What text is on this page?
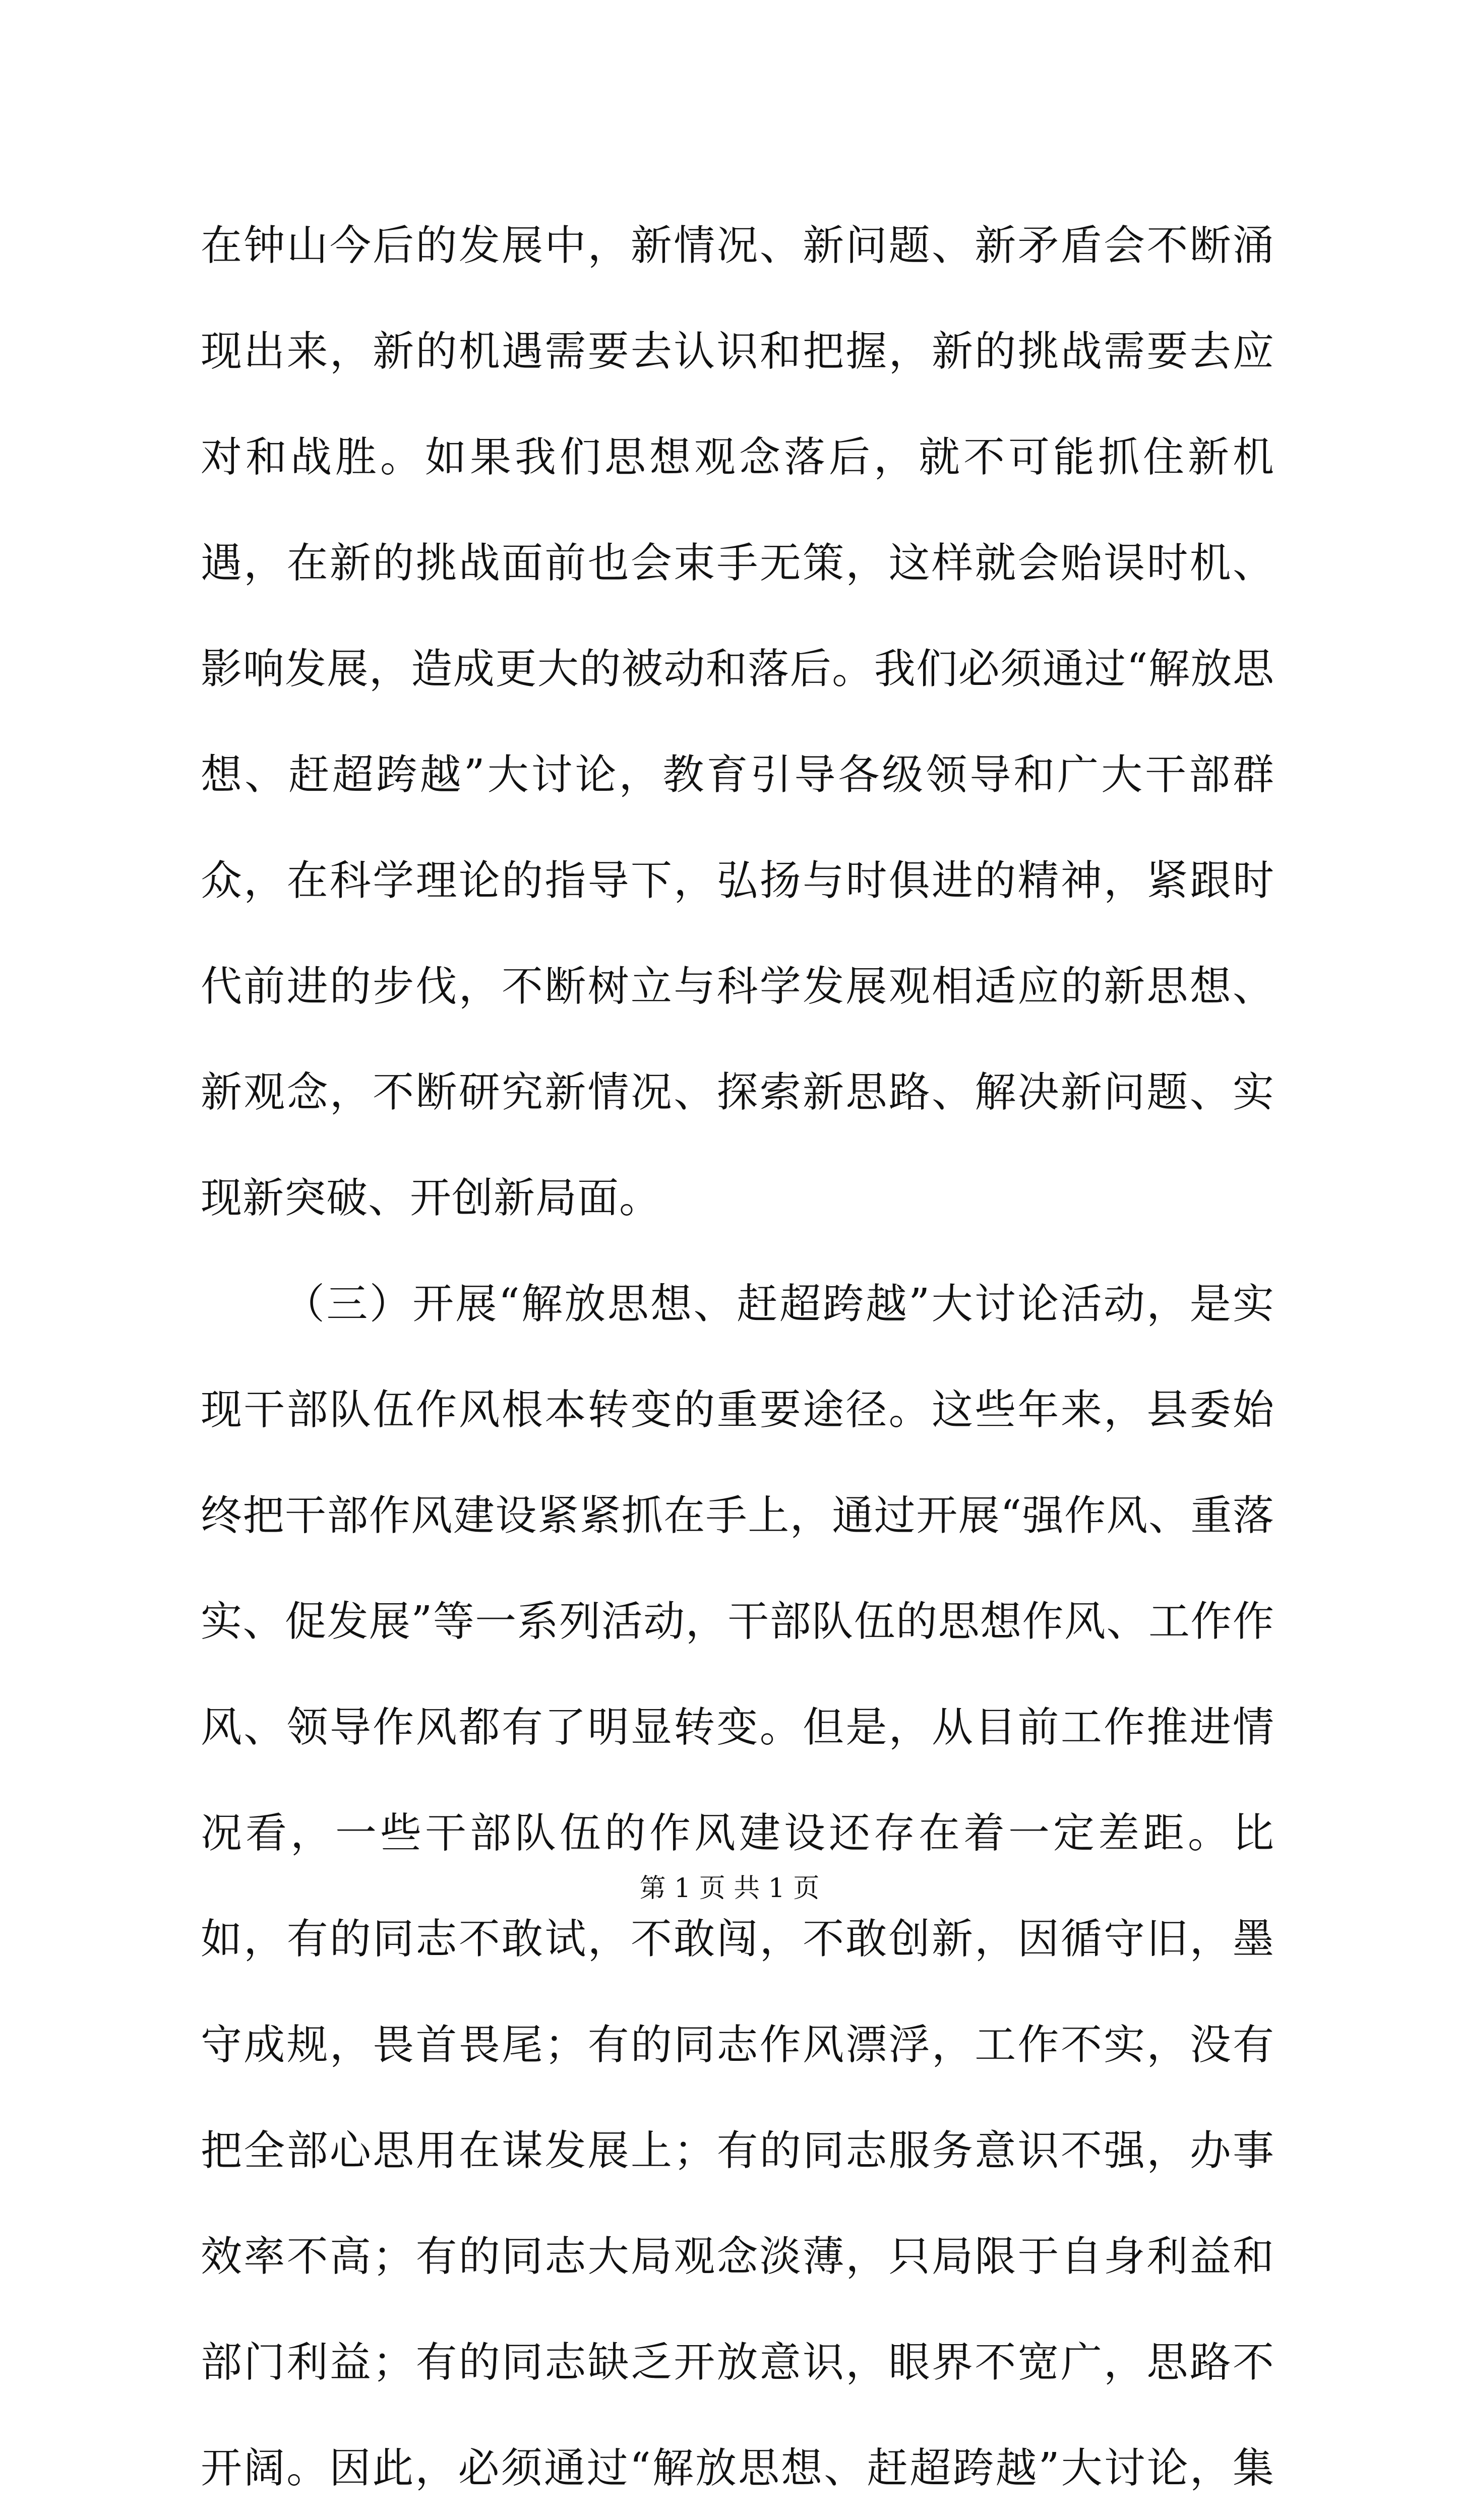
在钟山今后的发展中，新情况、新问题、新矛盾会不断涌现出来，新的机遇需要去认识和把握，新的挑战需要去应对和战胜。如果我们思想观念落后，就不可能抓住新机遇，在新的挑战面前也会束手无策，这样就会贻误时机、影响发展，造成更大的被动和落后。我们必须通过“解放思想、赶超跨越”大讨论，教育引导各级领导和广大干部群众，在科学理论的指导下，弘扬与时俱进的精神，紧跟时代前进的步伐，不断树立与科学发展观相适应的新思想、新观念，不断研究新情况、探索新思路、解决新问题、实现新突破、开创新局面。

（三）开展“解放思想、赶超跨越”大讨论活动，是实现干部队伍作风根本转变的重要途径。这些年来，县委始终把干部作风建设紧紧抓在手上，通过开展“强作风、重落实、促发展”等一系列活动，干部队伍的思想作风、工作作风、领导作风都有了明显转变。但是，从目前工作推进情况看，一些干部队伍的作风建设还存在着一定差距。比如，有的同志不敢试，不敢闯，不敢创新，因循守旧，墨守成规，畏首畏尾；有的同志作风漂浮，工作不实，没有把全部心思用在谋发展上；有的同志服务意识不强，办事效率不高；有的同志大局观念淡薄，只局限于自身利益和部门利益；有的同志缺乏开放意识，眼界不宽广，思路不开阔。因此，必须通过“解放思想、赶超跨越”大讨论，集

第 1 页 共 1 页
